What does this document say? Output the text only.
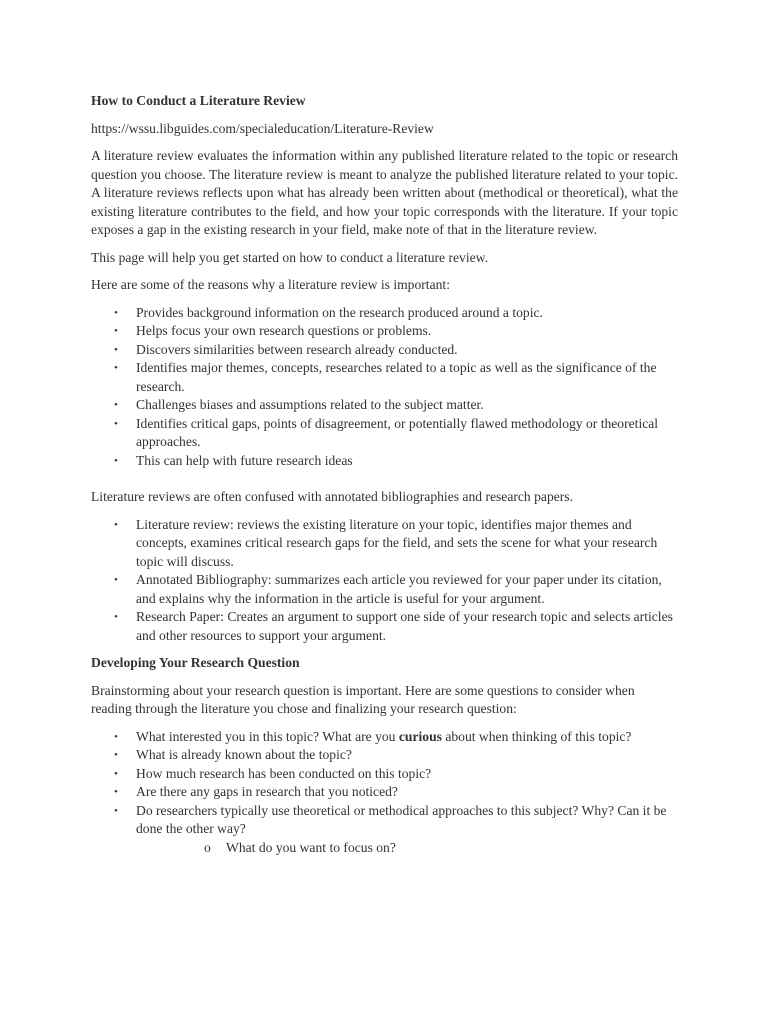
How to Conduct a Literature Review
https://wssu.libguides.com/specialeducation/Literature-Review
A literature review evaluates the information within any published literature related to the topic or research question you choose. The literature review is meant to analyze the published literature related to your topic. A literature reviews reflects upon what has already been written about (methodical or theoretical), what the existing literature contributes to the field, and how your topic corresponds with the literature. If your topic exposes a gap in the existing research in your field, make note of that in the literature review.
This page will help you get started on how to conduct a literature review.
Here are some of the reasons why a literature review is important:
• Provides background information on the research produced around a topic.
• Helps focus your own research questions or problems.
• Discovers similarities between research already conducted.
• Identifies major themes, concepts, researches related to a topic as well as the significance of the research.
• Challenges biases and assumptions related to the subject matter.
• Identifies critical gaps, points of disagreement, or potentially flawed methodology or theoretical approaches.
• This can help with future research ideas
Literature reviews are often confused with annotated bibliographies and research papers.
• Literature review: reviews the existing literature on your topic, identifies major themes and concepts, examines critical research gaps for the field, and sets the scene for what your research topic will discuss.
• Annotated Bibliography: summarizes each article you reviewed for your paper under its citation, and explains why the information in the article is useful for your argument.
• Research Paper: Creates an argument to support one side of your research topic and selects articles and other resources to support your argument.
Developing Your Research Question
Brainstorming about your research question is important. Here are some questions to consider when reading through the literature you chose and finalizing your research question:
• What interested you in this topic? What are you curious about when thinking of this topic?
• What is already known about the topic?
• How much research has been conducted on this topic?
• Are there any gaps in research that you noticed?
• Do researchers typically use theoretical or methodical approaches to this subject? Why? Can it be done the other way?
o What do you want to focus on?
